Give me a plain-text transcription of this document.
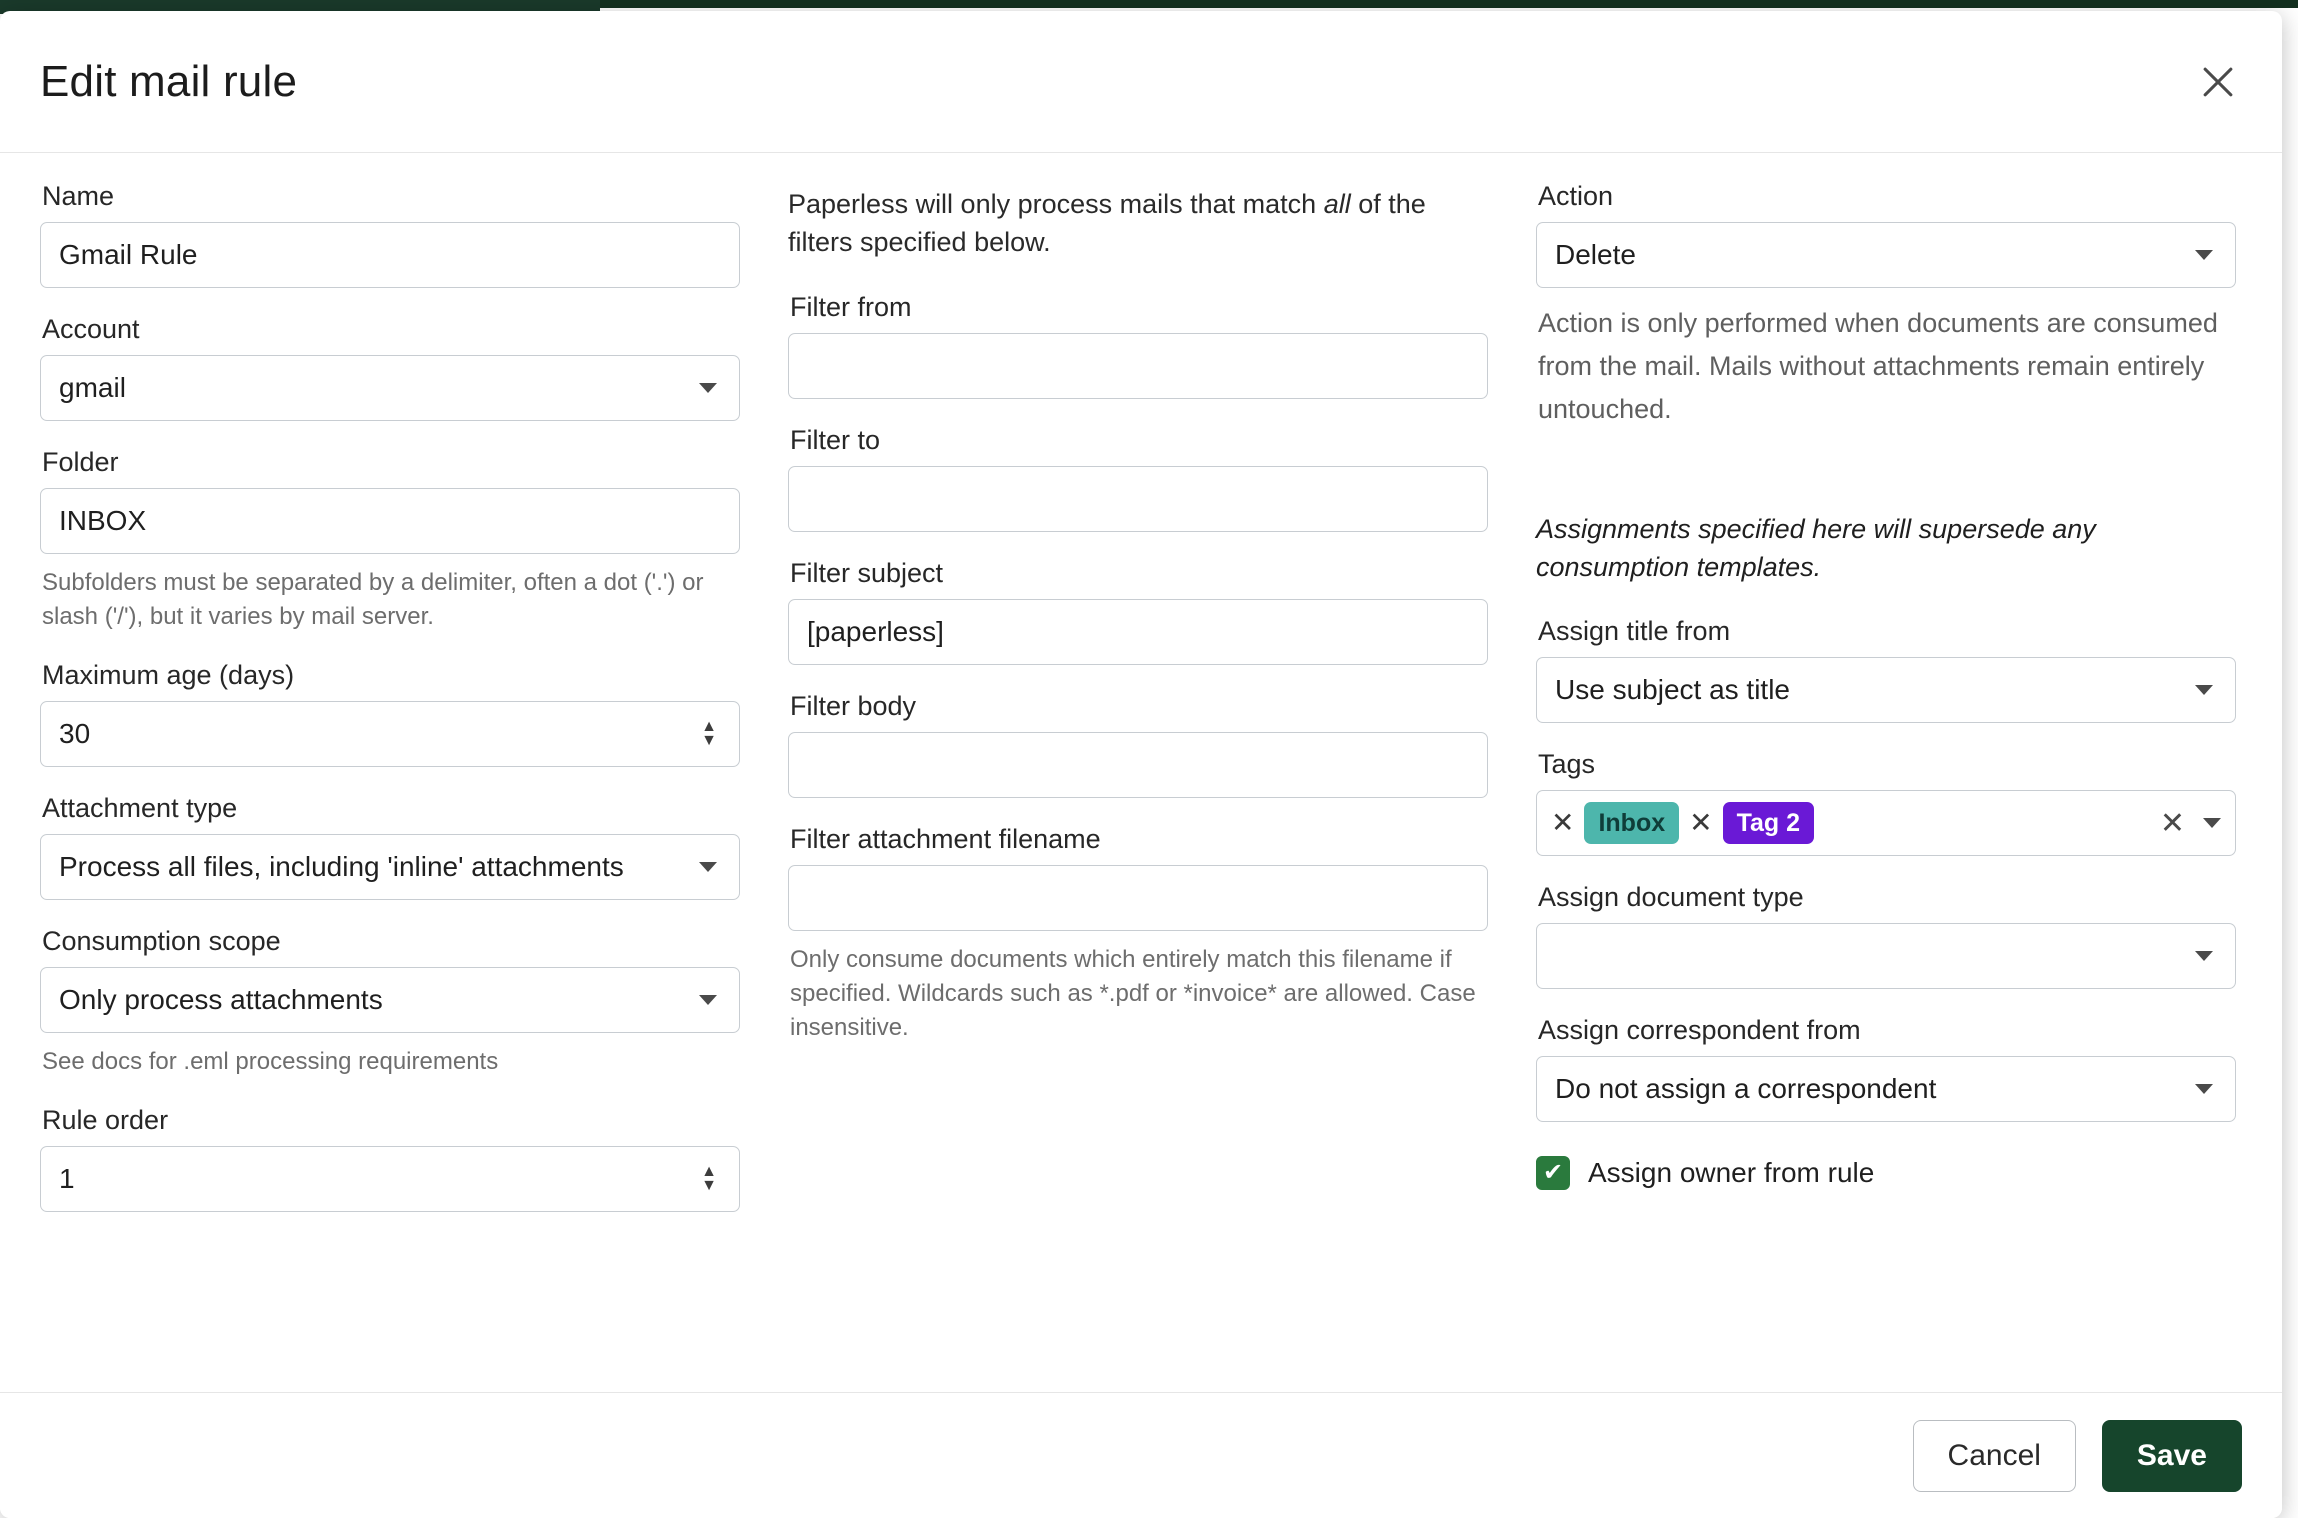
Edit mail rule
Name
Gmail Rule
Account
gmail
Folder
INBOX
Subfolders must be separated by a delimiter, often a dot ('.') or slash ('/'), but it varies by mail server.
Maximum age (days)
30	▲
▼
Attachment type
Process all files, including 'inline' attachments
Consumption scope
Only process attachments
See docs for .eml processing requirements
Rule order
1	▲
▼
Paperless will only process mails that match all of the filters specified below.
Filter from
Filter to
Filter subject
[paperless]
Filter body
Filter attachment filename
Only consume documents which entirely match this filename if specified. Wildcards such as *.pdf or *invoice* are allowed. Case insensitive.
Action
Delete
Action is only performed when documents are consumed from the mail. Mails without attachments remain entirely untouched.
Assignments specified here will supersede any consumption templates.
Assign title from
Use subject as title
Tags
✕ Inbox ✕ Tag 2	✕
Assign document type
Assign correspondent from
Do not assign a correspondent
✔ Assign owner from rule
Cancel	Save
